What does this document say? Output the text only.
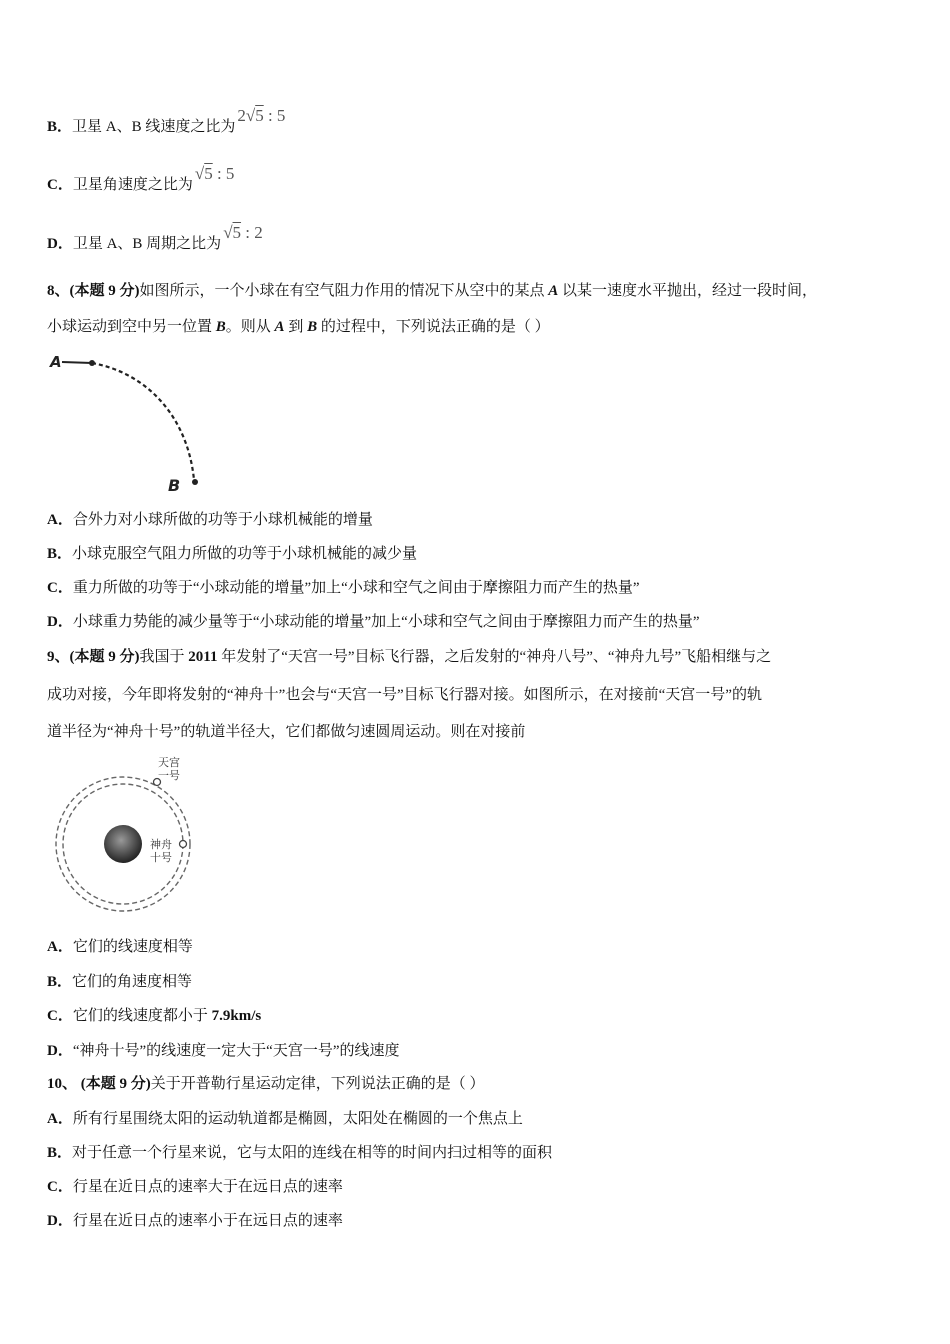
B．卫星 A、B 线速度之比为2√5 : 5
C．卫星角速度之比为√5 : 5
D．卫星 A、B 周期之比为√5 : 2
8、(本题 9 分)如图所示，一个小球在有空气阻力作用的情况下从空中的某点 A 以某一速度水平抛出，经过一段时间，
小球运动到空中另一位置 B。则从 A 到 B 的过程中，下列说法正确的是（ ）
A
B
A．合外力对小球所做的功等于小球机械能的增量
B．小球克服空气阻力所做的功等于小球机械能的减少量
C．重力所做的功等于“小球动能的增量”加上“小球和空气之间由于摩擦阻力而产生的热量”
D．小球重力势能的减少量等于“小球动能的增量”加上“小球和空气之间由于摩擦阻力而产生的热量”
9、(本题 9 分)我国于 2011 年发射了“天宫一号”目标飞行器，之后发射的“神舟八号”、“神舟九号”飞船相继与之
成功对接，今年即将发射的“神舟十”也会与“天宫一号”目标飞行器对接。如图所示，在对接前“天宫一号”的轨
道半径为“神舟十号”的轨道半径大，它们都做匀速圆周运动。则在对接前
天宫
一号
神舟
十号
A．它们的线速度相等
B．它们的角速度相等
C．它们的线速度都小于 7.9km/s
D．“神舟十号”的线速度一定大于“天宫一号”的线速度
10、 (本题 9 分)关于开普勒行星运动定律，下列说法正确的是（ ）
A．所有行星围绕太阳的运动轨道都是椭圆，太阳处在椭圆的一个焦点上
B．对于任意一个行星来说，它与太阳的连线在相等的时间内扫过相等的面积
C．行星在近日点的速率大于在远日点的速率
D．行星在近日点的速率小于在远日点的速率
